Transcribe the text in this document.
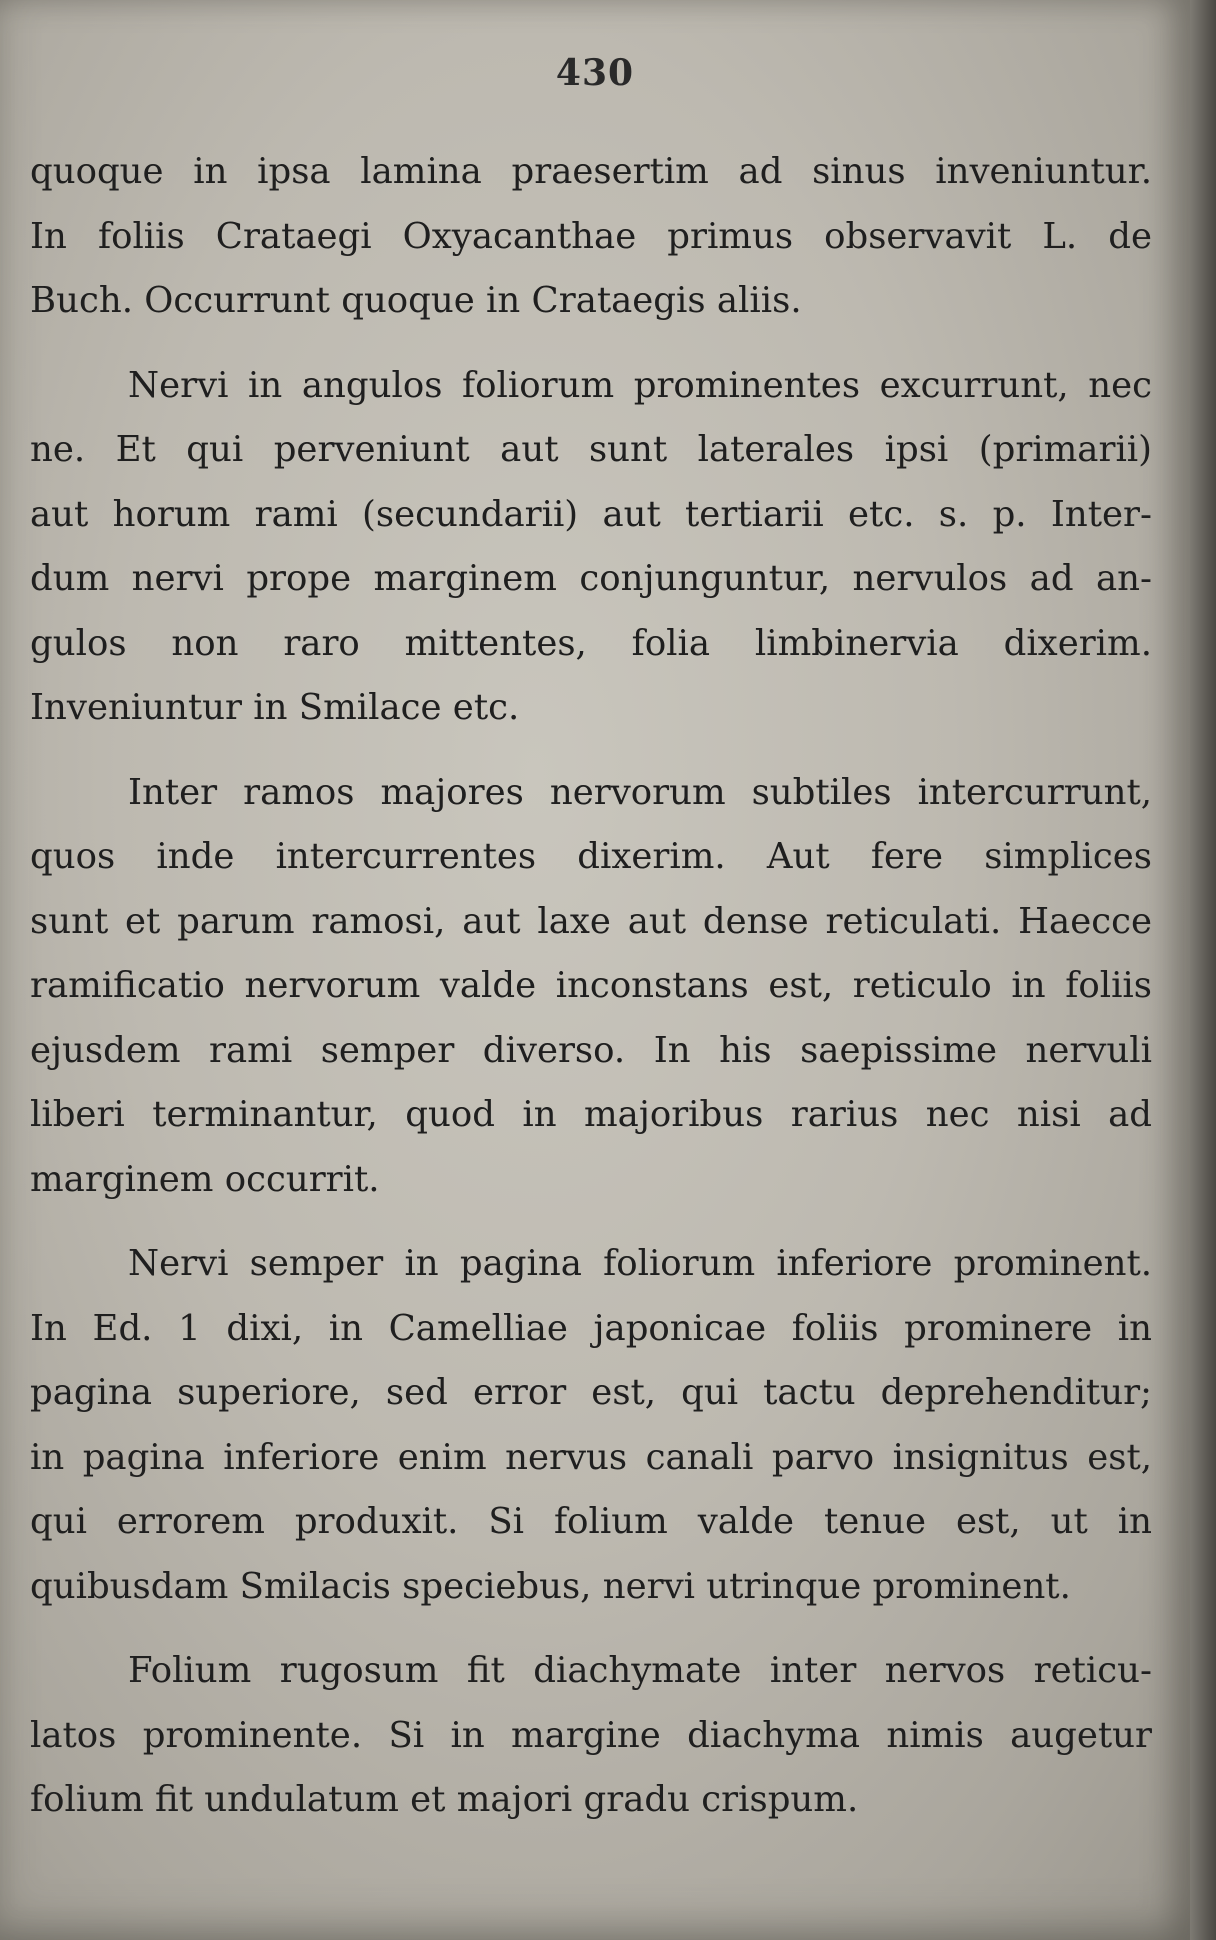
430
quoque in ipsa lamina praesertim ad sinus inveniuntur.
In foliis Crataegi Oxyacanthae primus observavit L. de
Buch. Occurrunt quoque in Crataegis aliis.
Nervi in angulos foliorum prominentes excurrunt, nec
ne. Et qui perveniunt aut sunt laterales ipsi (primarii)
aut horum rami (secundarii) aut tertiarii etc. s. p. Inter-
dum nervi prope marginem conjunguntur, nervulos ad an-
gulos non raro mittentes, folia limbinervia dixerim.
Inveniuntur in Smilace etc.
Inter ramos majores nervorum subtiles intercurrunt,
quos inde intercurrentes dixerim. Aut fere simplices
sunt et parum ramosi, aut laxe aut dense reticulati. Haecce
ramificatio nervorum valde inconstans est, reticulo in foliis
ejusdem rami semper diverso. In his saepissime nervuli
liberi terminantur, quod in majoribus rarius nec nisi ad
marginem occurrit.
Nervi semper in pagina foliorum inferiore prominent.
In Ed. 1 dixi, in Camelliae japonicae foliis prominere in
pagina superiore, sed error est, qui tactu deprehenditur;
in pagina inferiore enim nervus canali parvo insignitus est,
qui errorem produxit. Si folium valde tenue est, ut in
quibusdam Smilacis speciebus, nervi utrinque prominent.
Folium rugosum fit diachymate inter nervos reticu-
latos prominente. Si in margine diachyma nimis augetur
folium fit undulatum et majori gradu crispum.
